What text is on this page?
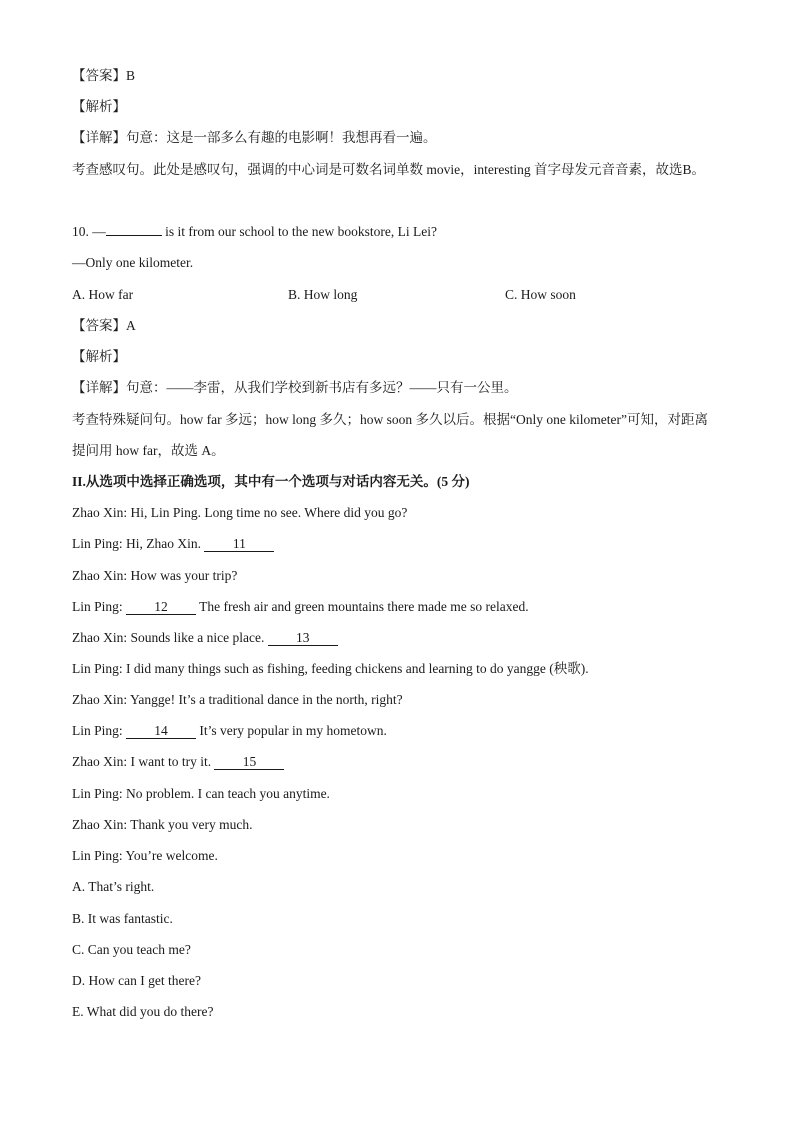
【答案】B
【解析】
【详解】句意：这是一部多么有趣的电影啊！我想再看一遍。
考查感叹句。此处是感叹句，强调的中心词是可数名词单数 movie，interesting 首字母发元音音素，故选B。
10. —	is it from our school to the new bookstore, Li Lei?
—Only one kilometer.
A. How far	B. How long	C. How soon
【答案】A
【解析】
【详解】句意：——李雷，从我们学校到新书店有多远？——只有一公里。
考查特殊疑问句。how far 多远；how long 多久；how soon 多久以后。根据“Only one kilometer”可知，对距离提问用 how far，故选 A。
II.从选项中选择正确选项，其中有一个选项与对话内容无关。(5 分)
Zhao Xin: Hi, Lin Ping. Long time no see. Where did you go?
Lin Ping: Hi, Zhao Xin. 11
Zhao Xin: How was your trip?
Lin Ping: 12 The fresh air and green mountains there made me so relaxed.
Zhao Xin: Sounds like a nice place. 13
Lin Ping: I did many things such as fishing, feeding chickens and learning to do yangge (秧歌).
Zhao Xin: Yangge! It’s a traditional dance in the north, right?
Lin Ping: 14 It’s very popular in my hometown.
Zhao Xin: I want to try it. 15
Lin Ping: No problem. I can teach you anytime.
Zhao Xin: Thank you very much.
Lin Ping: You’re welcome.
A. That’s right.
B. It was fantastic.
C. Can you teach me?
D. How can I get there?
E. What did you do there?
